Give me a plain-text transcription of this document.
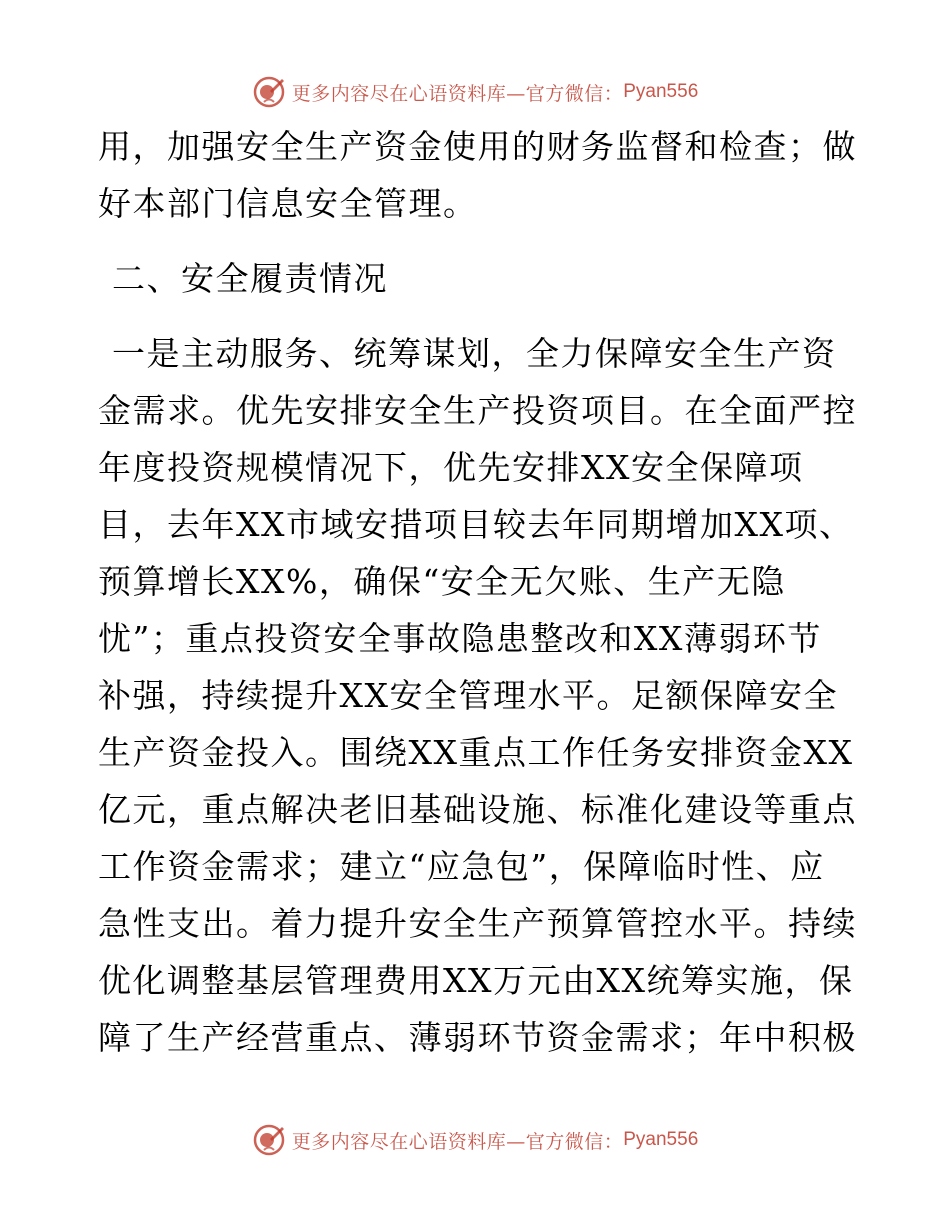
更多内容尽在心语资料库—官方微信： Pyan556
用，加强安全生产资金使用的财务监督和检查；做
好本部门信息安全管理。
二、安全履责情况
一是主动服务、统筹谋划，全力保障安全生产资
金需求。优先安排安全生产投资项目。在全面严控
年度投资规模情况下，优先安排XX安全保障项
目，去年XX市域安措项目较去年同期增加XX项、
预算增长XX%，确保“安全无欠账、生产无隐
忧”；重点投资安全事故隐患整改和XX薄弱环节
补强，持续提升XX安全管理水平。足额保障安全
生产资金投入。围绕XX重点工作任务安排资金XX
亿元，重点解决老旧基础设施、标准化建设等重点
工作资金需求；建立“应急包”，保障临时性、应
急性支出。着力提升安全生产预算管控水平。持续
优化调整基层管理费用XX万元由XX统筹实施，保
障了生产经营重点、薄弱环节资金需求；年中积极
更多内容尽在心语资料库—官方微信： Pyan556
